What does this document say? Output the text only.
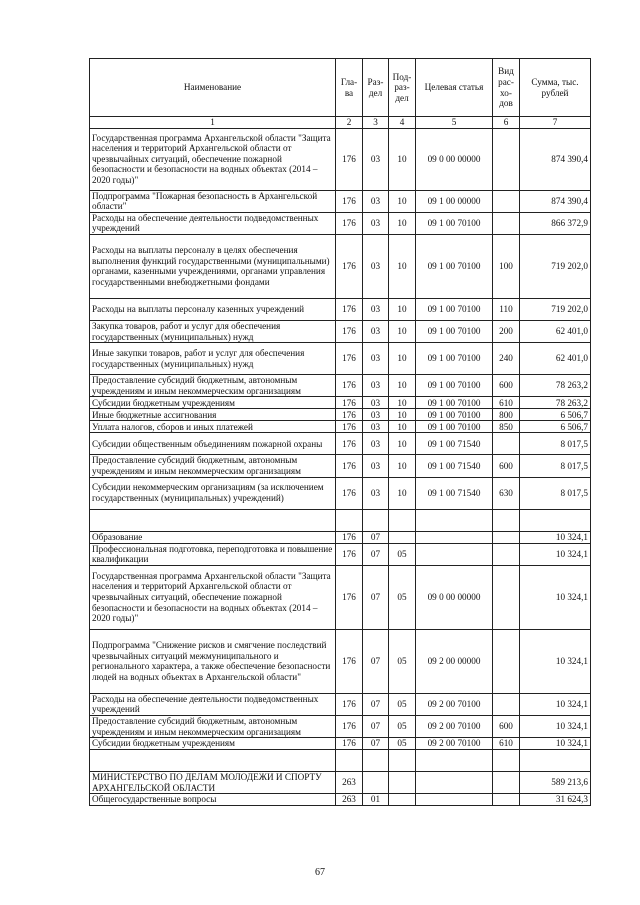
Наименование	Гла-ва	Раз-дел	Под-раз-дел	Целевая статья	Вид рас-хо-дов	Сумма, тыс. рублей
1	2	3	4	5	6	7
Государственная программа Архангельской области "Защита населения и территорий Архангельской области от чрезвычайных ситуаций, обеспечение пожарной безопасности и безопасности на водных объектах (2014 – 2020 годы)"	176	03	10	09 0 00 00000		874 390,4
Подпрограмма "Пожарная безопасность в Архангельской области"	176	03	10	09 1 00 00000		874 390,4
Расходы на обеспечение деятельности подведомственных учреждений	176	03	10	09 1 00 70100		866 372,9
Расходы на выплаты персоналу в целях обеспечения выполнения функций государственными (муниципальными) органами, казенными учреждениями, органами управления государственными внебюджетными фондами	176	03	10	09 1 00 70100	100	719 202,0
Расходы на выплаты персоналу казенных учреждений	176	03	10	09 1 00 70100	110	719 202,0
Закупка товаров, работ и услуг для обеспечения государственных (муниципальных) нужд	176	03	10	09 1 00 70100	200	62 401,0
Иные закупки товаров, работ и услуг для обеспечения государственных (муниципальных) нужд	176	03	10	09 1 00 70100	240	62 401,0
Предоставление субсидий бюджетным, автономным учреждениям и иным некоммерческим организациям	176	03	10	09 1 00 70100	600	78 263,2
Субсидии бюджетным учреждениям	176	03	10	09 1 00 70100	610	78 263,2
Иные бюджетные ассигнования	176	03	10	09 1 00 70100	800	6 506,7
Уплата налогов, сборов и иных платежей	176	03	10	09 1 00 70100	850	6 506,7
Субсидии общественным объединениям пожарной охраны	176	03	10	09 1 00 71540		8 017,5
Предоставление субсидий бюджетным, автономным учреждениям и иным некоммерческим организациям	176	03	10	09 1 00 71540	600	8 017,5
Субсидии некоммерческим организациям (за исключением государственных (муниципальных) учреждений)	176	03	10	09 1 00 71540	630	8 017,5

Образование	176	07				10 324,1
Профессиональная подготовка, переподготовка и повышение квалификации	176	07	05			10 324,1
Государственная программа Архангельской области "Защита населения и территорий Архангельской области от чрезвычайных ситуаций, обеспечение пожарной безопасности и безопасности на водных объектах (2014 – 2020 годы)"	176	07	05	09 0 00 00000		10 324,1
Подпрограмма "Снижение рисков и смягчение последствий чрезвычайных ситуаций межмуниципального и регионального характера, а также обеспечение безопасности людей на водных объектах в Архангельской области"	176	07	05	09 2 00 00000		10 324,1
Расходы на обеспечение деятельности подведомственных учреждений	176	07	05	09 2 00 70100		10 324,1
Предоставление субсидий бюджетным, автономным учреждениям и иным некоммерческим организациям	176	07	05	09 2 00 70100	600	10 324,1
Субсидии бюджетным учреждениям	176	07	05	09 2 00 70100	610	10 324,1

МИНИСТЕРСТВО ПО ДЕЛАМ МОЛОДЕЖИ И СПОРТУ АРХАНГЕЛЬСКОЙ ОБЛАСТИ	263					589 213,6
Общегосударственные вопросы	263	01				31 624,3
67
